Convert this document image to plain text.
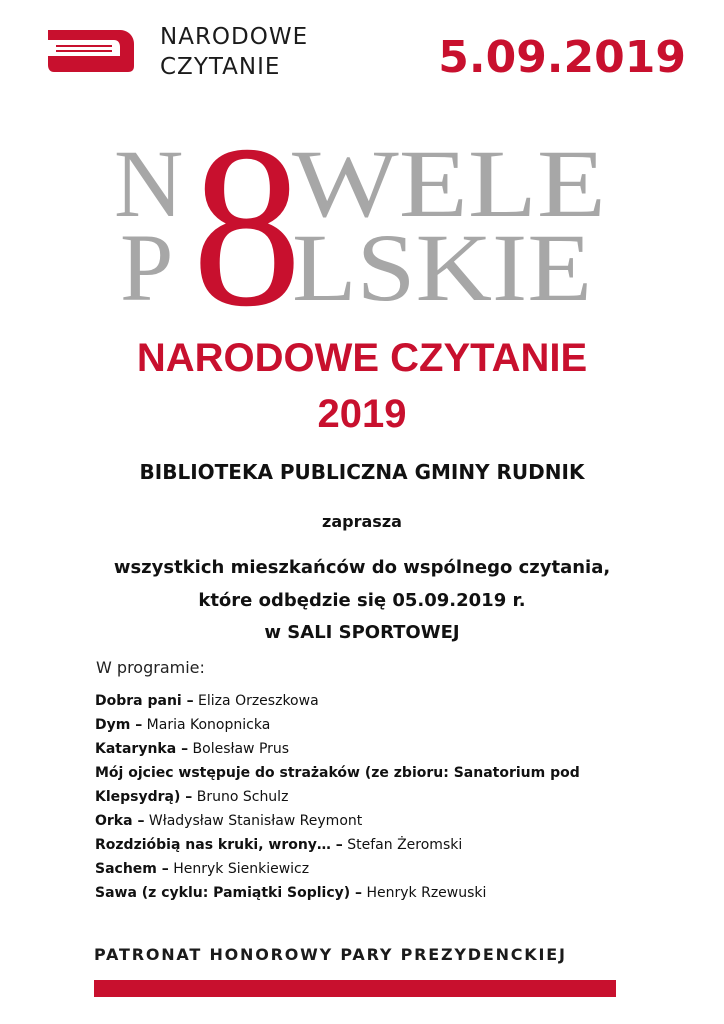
NARODOWE
CZYTANIE	5.09.2019
N WELE
P LSKIE
8
NARODOWE CZYTANIE
2019
BIBLIOTEKA PUBLICZNA GMINY RUDNIK
zaprasza
wszystkich mieszkańców do wspólnego czytania,
które odbędzie się 05.09.2019 r.
w SALI SPORTOWEJ
W programie:
Dobra pani – Eliza Orzeszkowa
Dym – Maria Konopnicka
Katarynka – Bolesław Prus
Mój ojciec wstępuje do strażaków (ze zbioru: Sanatorium pod
Klepsydrą) – Bruno Schulz
Orka – Władysław Stanisław Reymont
Rozdzióbią nas kruki, wrony… – Stefan Żeromski
Sachem – Henryk Sienkiewicz
Sawa (z cyklu: Pamiątki Soplicy) – Henryk Rzewuski
PATRONAT HONOROWY PARY PREZYDENCKIEJ
